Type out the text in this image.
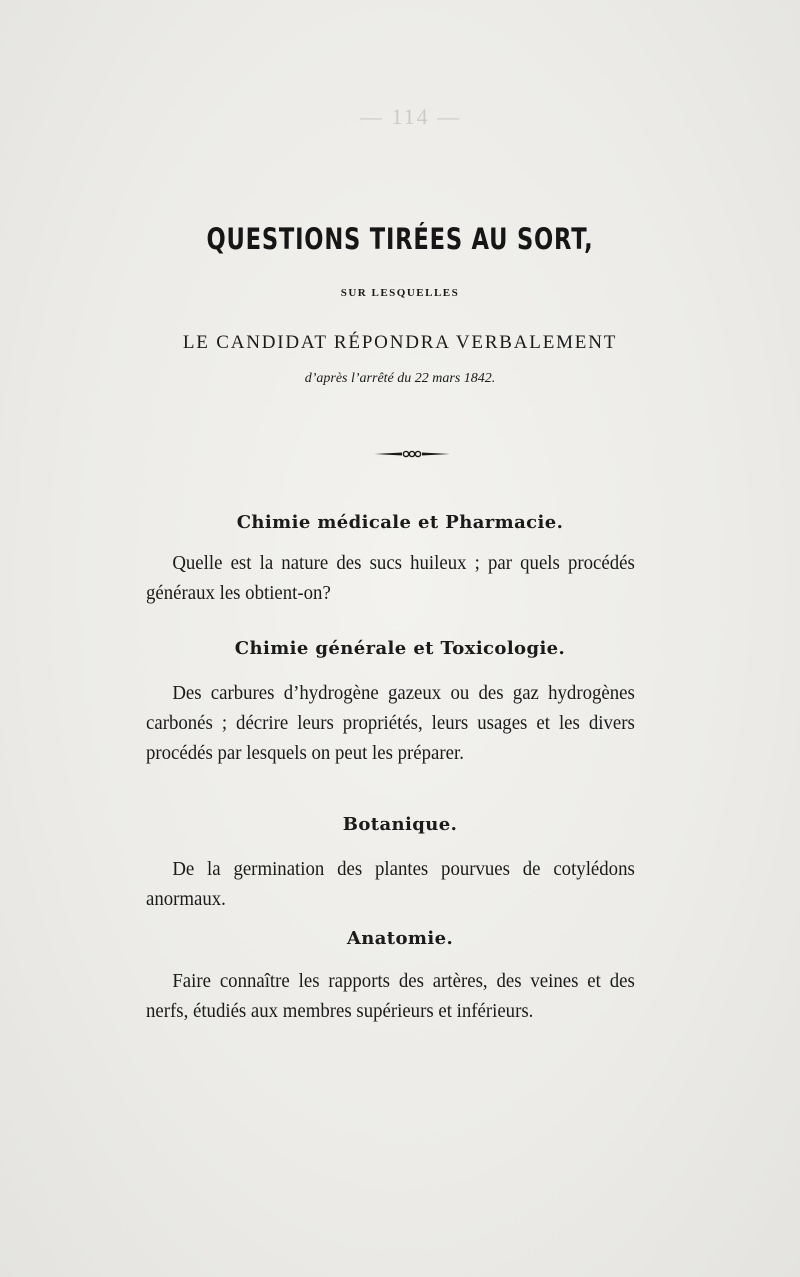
— 114 —
QUESTIONS TIRÉES AU SORT,
SUR LESQUELLES
LE CANDIDAT RÉPONDRA VERBALEMENT
d’après l’arrêté du 22 mars 1842.
Chimie médicale et Pharmacie.
Quelle est la nature des sucs huileux ; par quels procédés généraux les obtient-on?
Chimie générale et Toxicologie.
Des carbures d’hydrogène gazeux ou des gaz hydrogènes carbonés ; décrire leurs propriétés, leurs usages et les divers procédés par lesquels on peut les préparer.
Botanique.
De la germination des plantes pourvues de cotylédons anormaux.
Anatomie.
Faire connaître les rapports des artères, des veines et des nerfs, étudiés aux membres supérieurs et inférieurs.
